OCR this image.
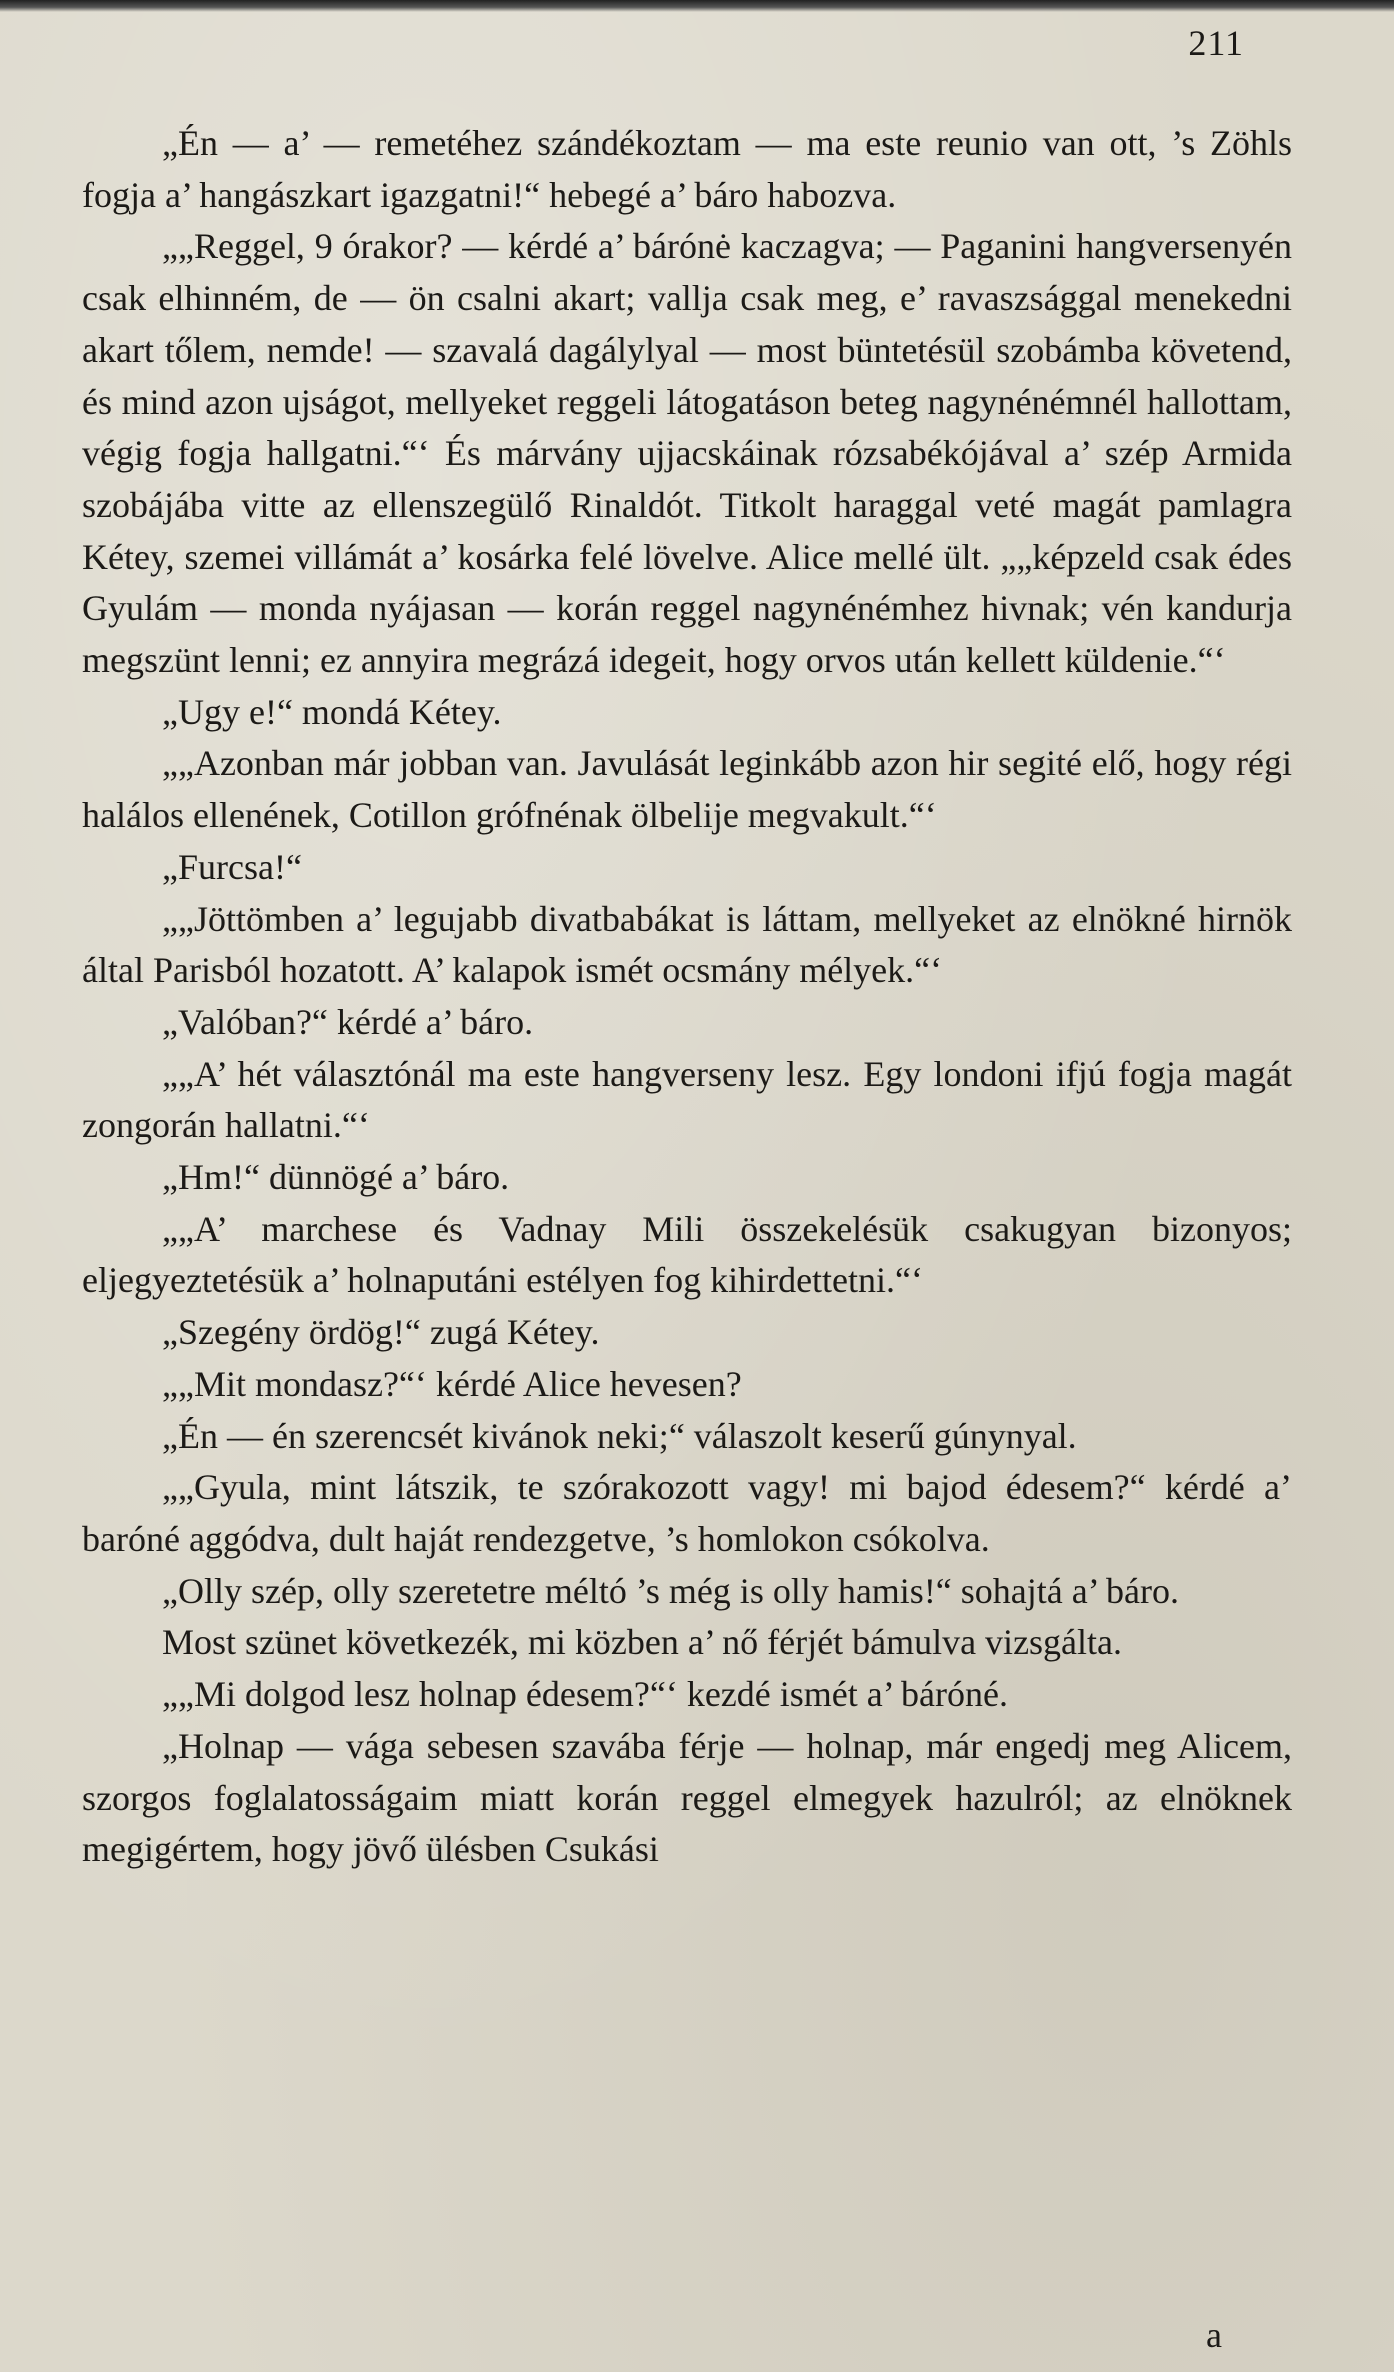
211

„Én — a’ — remetéhez szándékoztam — ma este reunio van ott, ’s Zöhls fogja a’ hangászkart igazgatni!“ hebegé a’ báro habozva.

„„Reggel, 9 órakor? — kérdé a’ bárónė kaczagva; — Paganini hangversenyén csak elhinném, de — ön csalni akart; vallja csak meg, e’ ravaszsággal menekedni akart tőlem, nemde! — szavalá dagálylyal — most büntetésül szobámba követend, és mind azon ujságot, mellyeket reggeli látogatáson beteg nagynénémnél hallottam, végig fogja hallgatni.“‘ És márvány ujjacskáinak rózsabékójával a’ szép Armida szobájába vitte az ellenszegülő Rinaldót. Titkolt haraggal veté magát pamlagra Kétey, szemei villámát a’ kosárka felé lövelve. Alice mellé ült. „„képzeld csak édes Gyulám — monda nyájasan — korán reggel nagynénémhez hivnak; vén kandurja megszünt lenni; ez annyira megrázá idegeit, hogy orvos után kellett küldenie.“‘

„Ugy e!“ mondá Kétey.

„„Azonban már jobban van. Javulását leginkább azon hir segité elő, hogy régi halálos ellenének, Cotillon grófnénak ölbelije megvakult.“‘

„Furcsa!“

„„Jöttömben a’ legujabb divatbabákat is láttam, mellyeket az elnökné hirnök által Parisból hozatott. A’ kalapok ismét ocsmány mélyek.“‘

„Valóban?“ kérdé a’ báro.

„„A’ hét választónál ma este hangverseny lesz. Egy londoni ifjú fogja magát zongorán hallatni.“‘

„Hm!“ dünnögé a’ báro.

„„A’ marchese és Vadnay Mili összekelésük csakugyan bizonyos; eljegyeztetésük a’ holnaputáni estélyen fog kihirdettetni.“‘

„Szegény ördög!“ zugá Kétey.

„„Mit mondasz?“‘ kérdé Alice hevesen?

„Én — én szerencsét kivánok neki;“ válaszolt keserű gúnynyal.

„„Gyula, mint látszik, te szórakozott vagy! mi bajod édesem?“ kérdé a’ baróné aggódva, dult haját rendezgetve, ’s homlokon csókolva.

„Olly szép, olly szeretetre méltó ’s még is olly hamis!“ sohajtá a’ báro.

Most szünet következék, mi közben a’ nő férjét bámulva vizsgálta.

„„Mi dolgod lesz holnap édesem?“‘ kezdé ismét a’ báróné.

„Holnap — vága sebesen szavába férje — holnap, már engedj meg Alicem, szorgos foglalatosságaim miatt korán reggel elmegyek hazulról; az elnöknek megigértem, hogy jövő ülésben Csukási

a
